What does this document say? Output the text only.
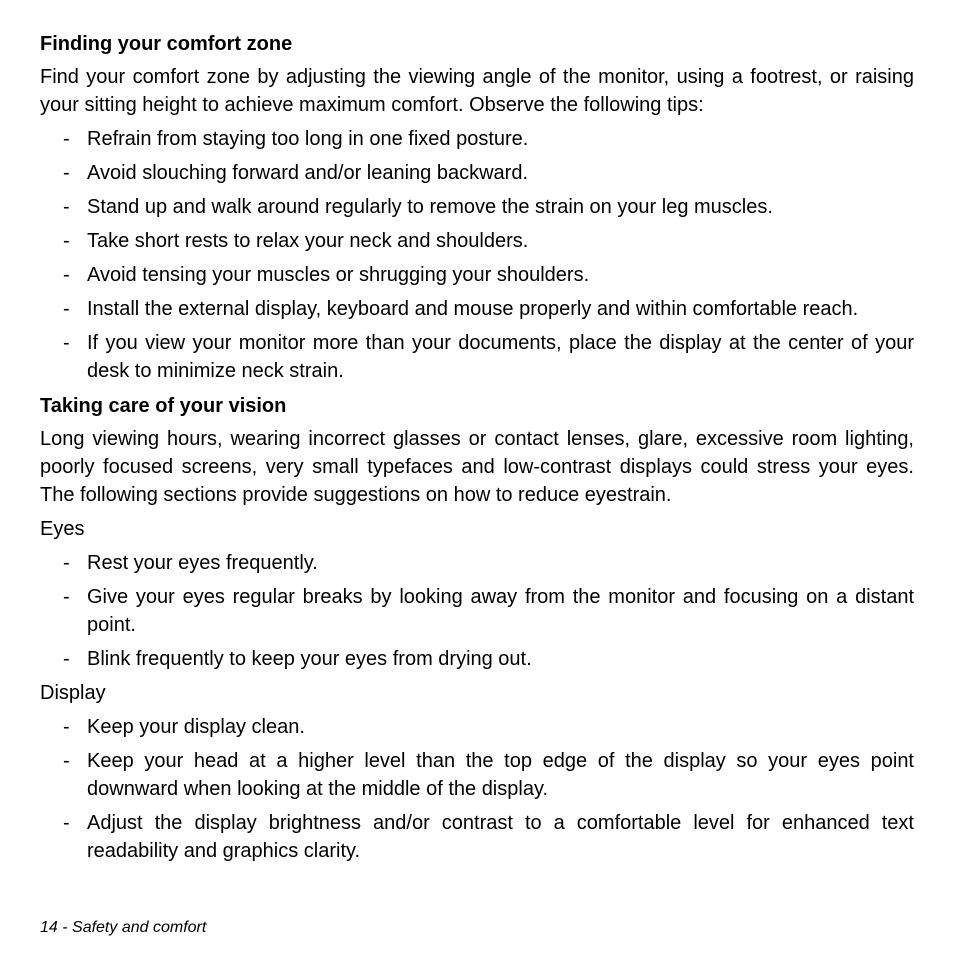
Finding your comfort zone
Find your comfort zone by adjusting the viewing angle of the monitor, using a footrest, or raising your sitting height to achieve maximum comfort. Observe the following tips:
- Refrain from staying too long in one fixed posture.
- Avoid slouching forward and/or leaning backward.
- Stand up and walk around regularly to remove the strain on your leg muscles.
- Take short rests to relax your neck and shoulders.
- Avoid tensing your muscles or shrugging your shoulders.
- Install the external display, keyboard and mouse properly and within comfortable reach.
- If you view your monitor more than your documents, place the display at the center of your desk to minimize neck strain.
Taking care of your vision
Long viewing hours, wearing incorrect glasses or contact lenses, glare, excessive room lighting, poorly focused screens, very small typefaces and low-contrast displays could stress your eyes. The following sections provide suggestions on how to reduce eyestrain.
Eyes
- Rest your eyes frequently.
- Give your eyes regular breaks by looking away from the monitor and focusing on a distant point.
- Blink frequently to keep your eyes from drying out.
Display
- Keep your display clean.
- Keep your head at a higher level than the top edge of the display so your eyes point downward when looking at the middle of the display.
- Adjust the display brightness and/or contrast to a comfortable level for enhanced text readability and graphics clarity.
14 - Safety and comfort
